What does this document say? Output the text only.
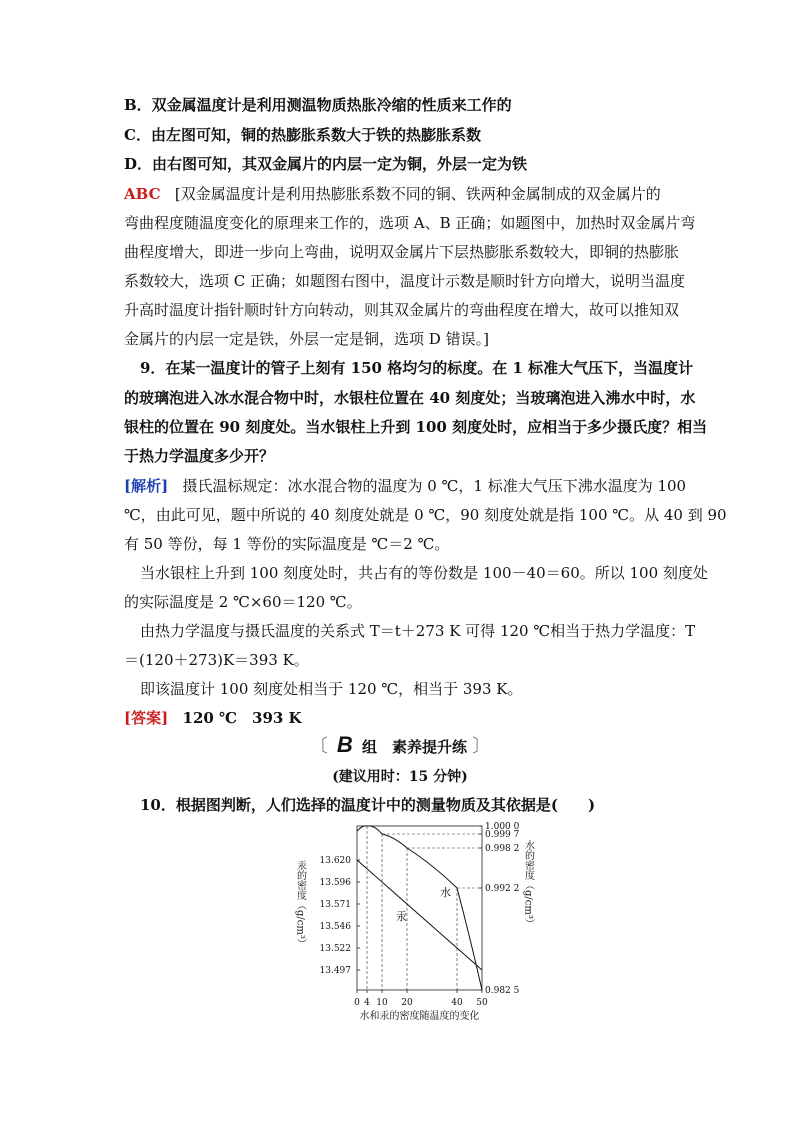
B．双金属温度计是利用测温物质热胀冷缩的性质来工作的
C．由左图可知，铜的热膨胀系数大于铁的热膨胀系数
D．由右图可知，其双金属片的内层一定为铜，外层一定为铁
ABC [双金属温度计是利用热膨胀系数不同的铜、铁两种金属制成的双金属片的
弯曲程度随温度变化的原理来工作的，选项 A、B 正确；如题图中，加热时双金属片弯
曲程度增大，即进一步向上弯曲，说明双金属片下层热膨胀系数较大，即铜的热膨胀
系数较大，选项 C 正确；如题图右图中，温度计示数是顺时针方向增大，说明当温度
升高时温度计指针顺时针方向转动，则其双金属片的弯曲程度在增大，故可以推知双
金属片的内层一定是铁，外层一定是铜，选项 D 错误。]
9．在某一温度计的管子上刻有 150 格均匀的标度。在 1 标准大气压下，当温度计
的玻璃泡进入冰水混合物中时，水银柱位置在 40 刻度处；当玻璃泡进入沸水中时，水
银柱的位置在 90 刻度处。当水银柱上升到 100 刻度处时，应相当于多少摄氏度？相当
于热力学温度多少开？
[解析] 摄氏温标规定：冰水混合物的温度为 0 ℃，1 标准大气压下沸水温度为 100
℃，由此可见，题中所说的 40 刻度处就是 0 ℃，90 刻度处就是指 100 ℃。从 40 到 90
有 50 等份，每 1 等份的实际温度是 ℃＝2 ℃。
当水银柱上升到 100 刻度处时，共占有的等份数是 100－40＝60。所以 100 刻度处
的实际温度是 2 ℃×60＝120 ℃。
由热力学温度与摄氏温度的关系式 T＝t＋273 K 可得 120 ℃相当于热力学温度：T
＝(120＋273)K＝393 K。
即该温度计 100 刻度处相当于 120 ℃，相当于 393 K。
[答案] 120 ℃　393 K
〔 B 组　素养提升练 〕
(建议用时：15 分钟)
10．根据图判断，人们选择的温度计中的测量物质及其依据是(　　)
0 4 10 20	40 50
13.620
13.596
13.571
13.546
13.522
13.497
1.000 0
0.999 7
0.998 2
0.992 2
0.982 5
水
汞
汞的密度（g/cm³）	水的密度（g/cm³）
水和汞的密度随温度的变化
